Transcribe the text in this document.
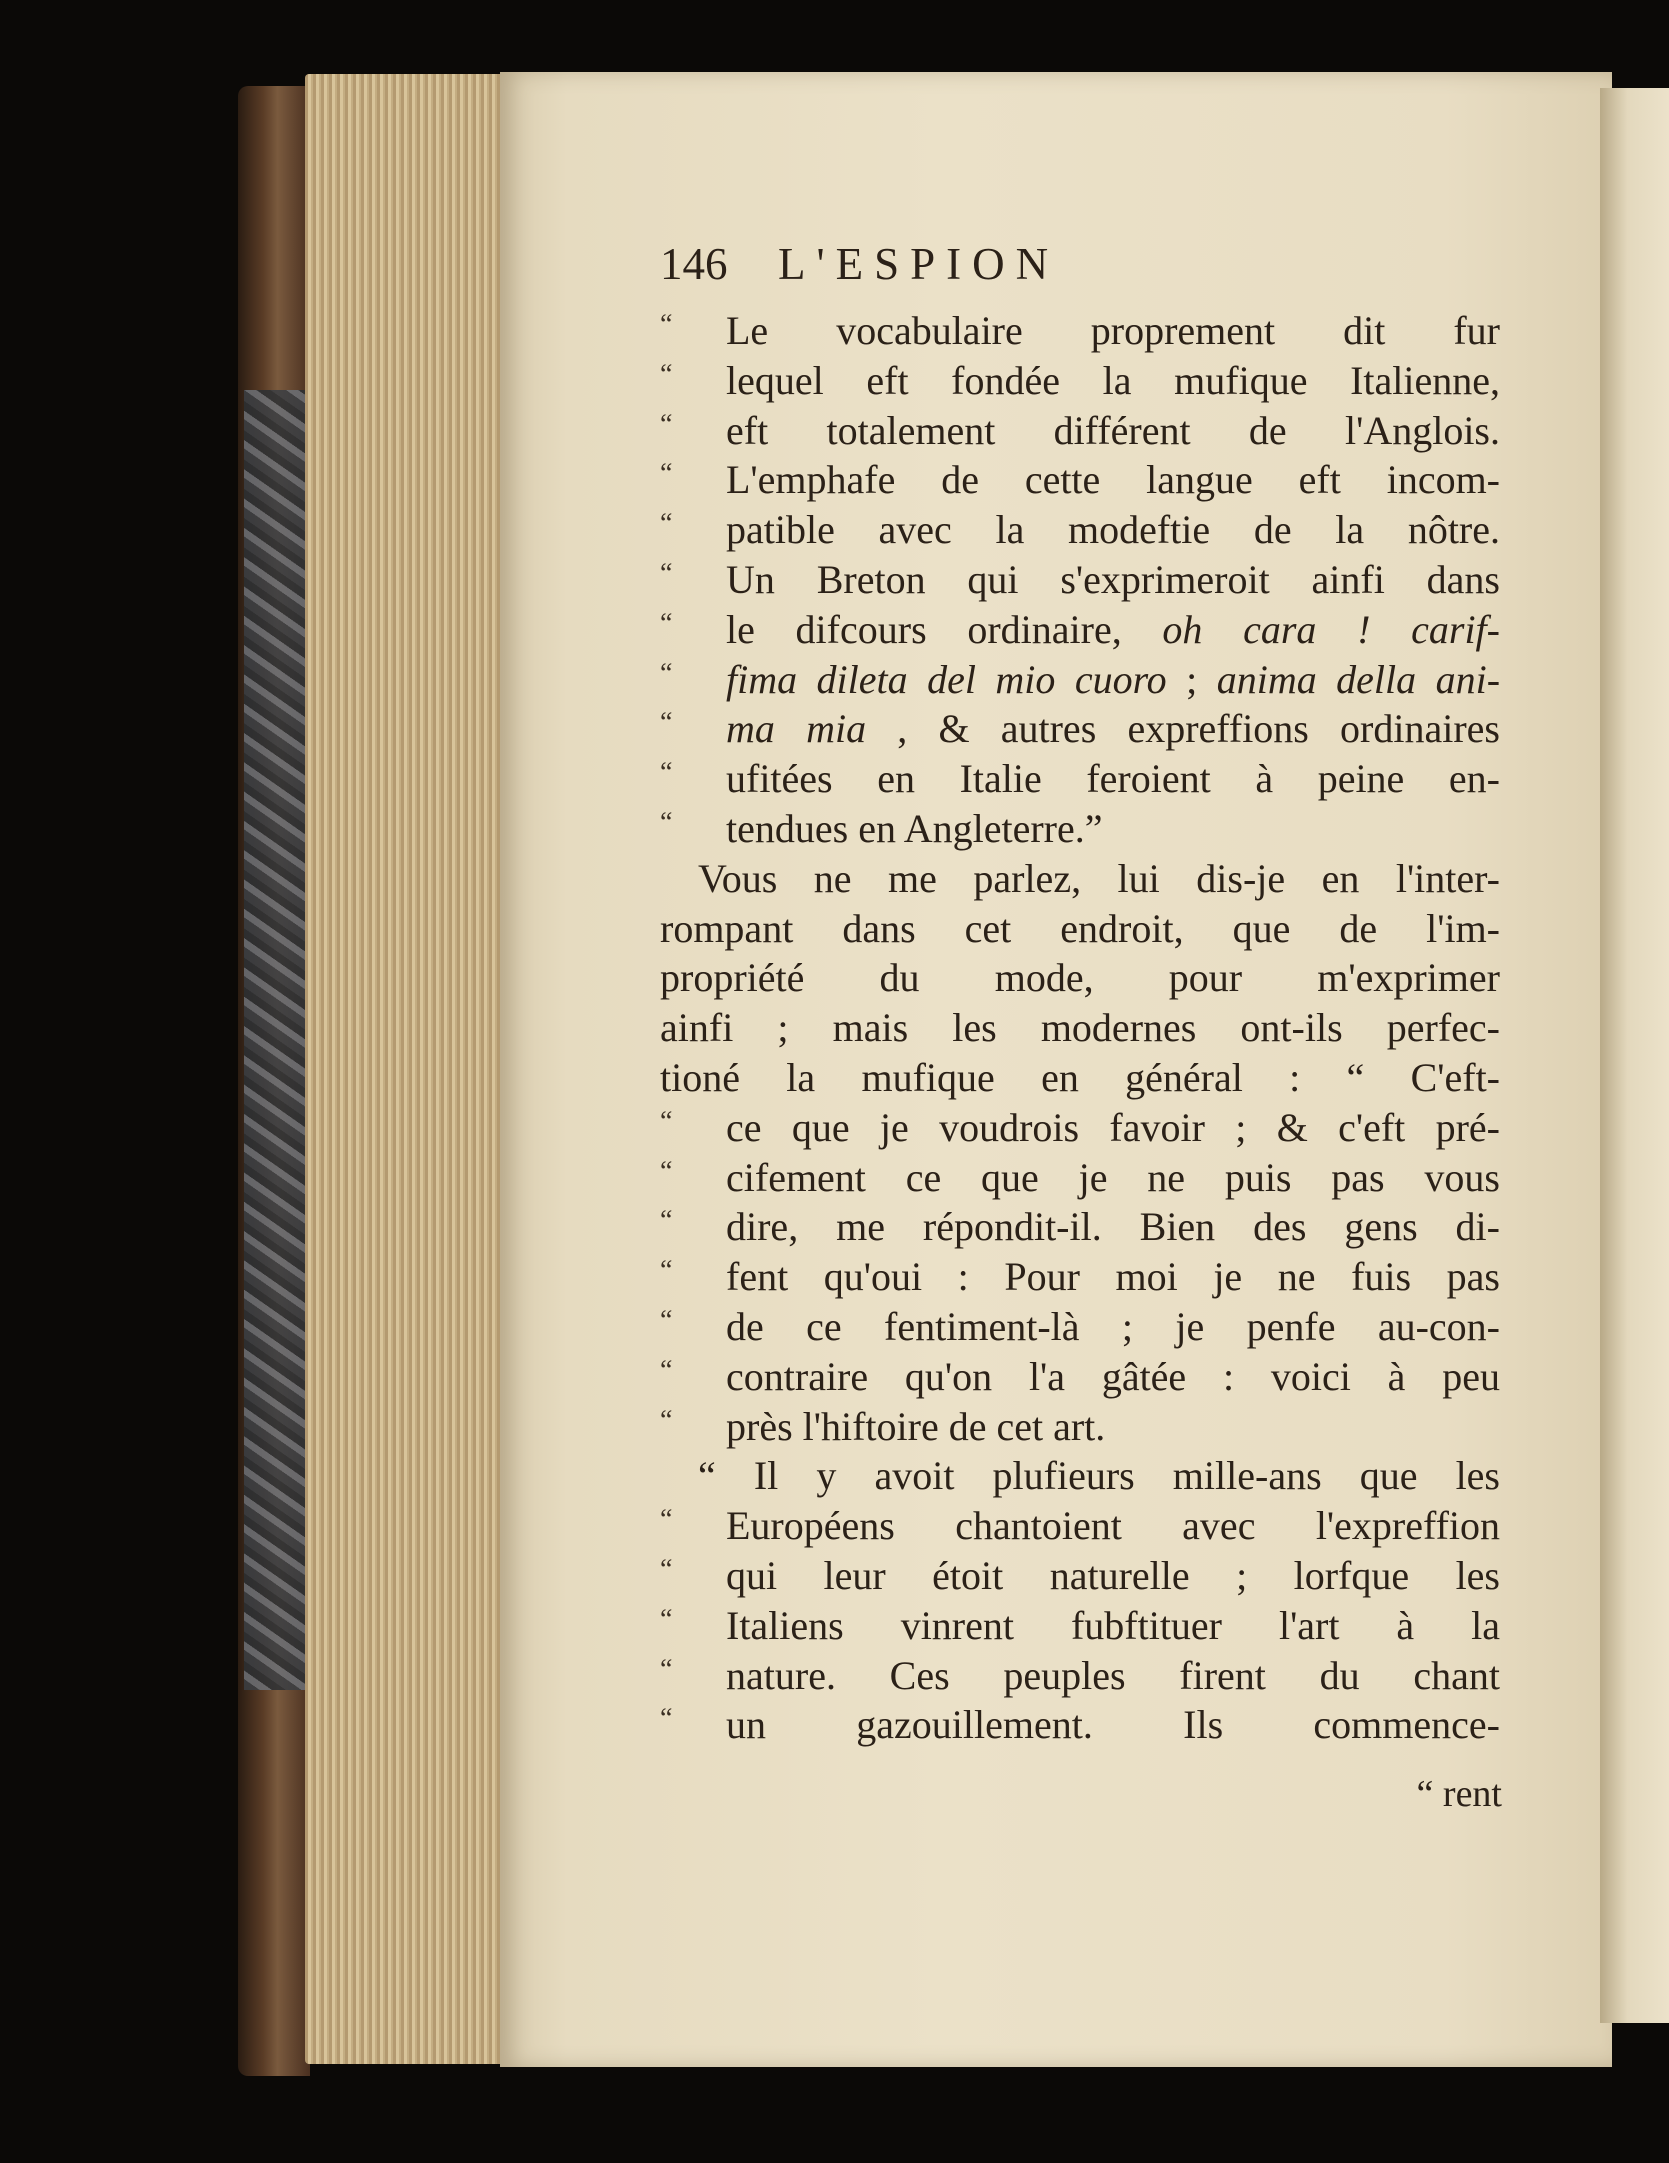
146 L'ESPION
“ Le vocabulaire proprement dit fur
“ lequel eft fondée la mufique Italienne,
“ eft totalement différent de l'Anglois.
“ L'emphafe de cette langue eft incom-
“ patible avec la modeftie de la nôtre.
“ Un Breton qui s'exprimeroit ainfi dans
“ le difcours ordinaire, oh cara ! carif-
“ fima dileta del mio cuoro ; anima della ani-
“ ma mia , & autres expreffions ordinaires
“ ufitées en Italie feroient à peine en-
“ tendues en Angleterre.”
Vous ne me parlez, lui dis-je en l'inter-
rompant dans cet endroit, que de l'im-
propriété du mode, pour m'exprimer
ainfi ; mais les modernes ont-ils perfec-
tioné la mufique en général : “ C'eft-
“ ce que je voudrois favoir ; & c'eft pré-
“ cifement ce que je ne puis pas vous
“ dire, me répondit-il. Bien des gens di-
“ fent qu'oui : Pour moi je ne fuis pas
“ de ce fentiment-là ; je penfe au-con-
“ contraire qu'on l'a gâtée : voici à peu
“ près l'hiftoire de cet art.
“ Il y avoit plufieurs mille-ans que les
“ Européens chantoient avec l'expreffion
“ qui leur étoit naturelle ; lorfque les
“ Italiens vinrent fubftituer l'art à la
“ nature. Ces peuples firent du chant
“ un gazouillement. Ils commence-
“ rent
